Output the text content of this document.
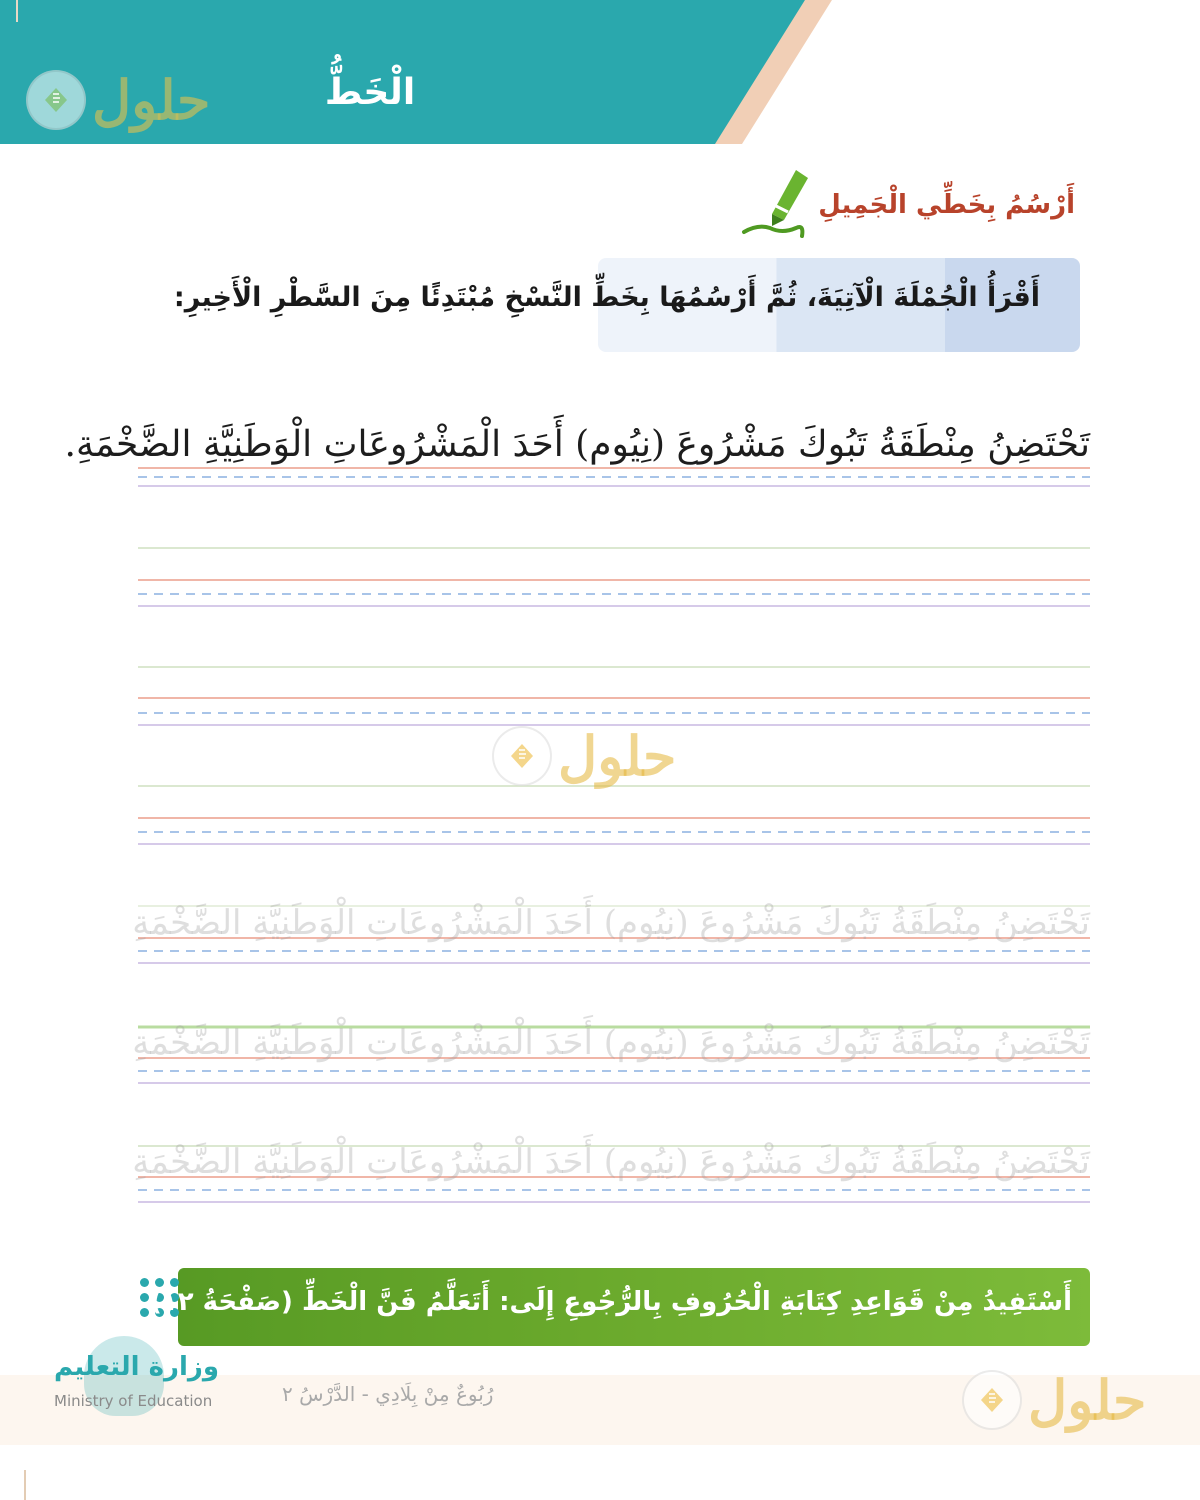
الْخَطُّ
حلول
أَرْسُمُ بِخَطِّي الْجَمِيلِ
أَقْرَأُ الْجُمْلَةَ الْآتِيَةَ، ثُمَّ أَرْسُمُهَا بِخَطِّ النَّسْخِ مُبْتَدِئًا مِنَ السَّطْرِ الْأَخِيرِ:
تَحْتَضِنُ مِنْطَقَةُ تَبُوكَ مَشْرُوعَ (نِيُوم) أَحَدَ الْمَشْرُوعَاتِ الْوَطَنِيَّةِ الضَّخْمَةِ.
تَحْتَضِنُ مِنْطَقَةُ تَبُوكَ مَشْرُوعَ (نِيُوم) أَحَدَ الْمَشْرُوعَاتِ الْوَطَنِيَّةِ الضَّخْمَةِ
تَحْتَضِنُ مِنْطَقَةُ تَبُوكَ مَشْرُوعَ (نِيُوم) أَحَدَ الْمَشْرُوعَاتِ الْوَطَنِيَّةِ الضَّخْمَةِ
تَحْتَضِنُ مِنْطَقَةُ تَبُوكَ مَشْرُوعَ (نِيُوم) أَحَدَ الْمَشْرُوعَاتِ الْوَطَنِيَّةِ الضَّخْمَةِ
حلول
أَسْتَفِيدُ مِنْ قَوَاعِدِ كِتَابَةِ الْحُرُوفِ بِالرُّجُوعِ إِلَى: أَتَعَلَّمُ فَنَّ الْخَطِّ (صَفْحَةُ ١٢)
وزارة التعليم
Ministry of Education	رُبُوعٌ مِنْ بِلَادِي - الدَّرْسُ ٢	حلول
